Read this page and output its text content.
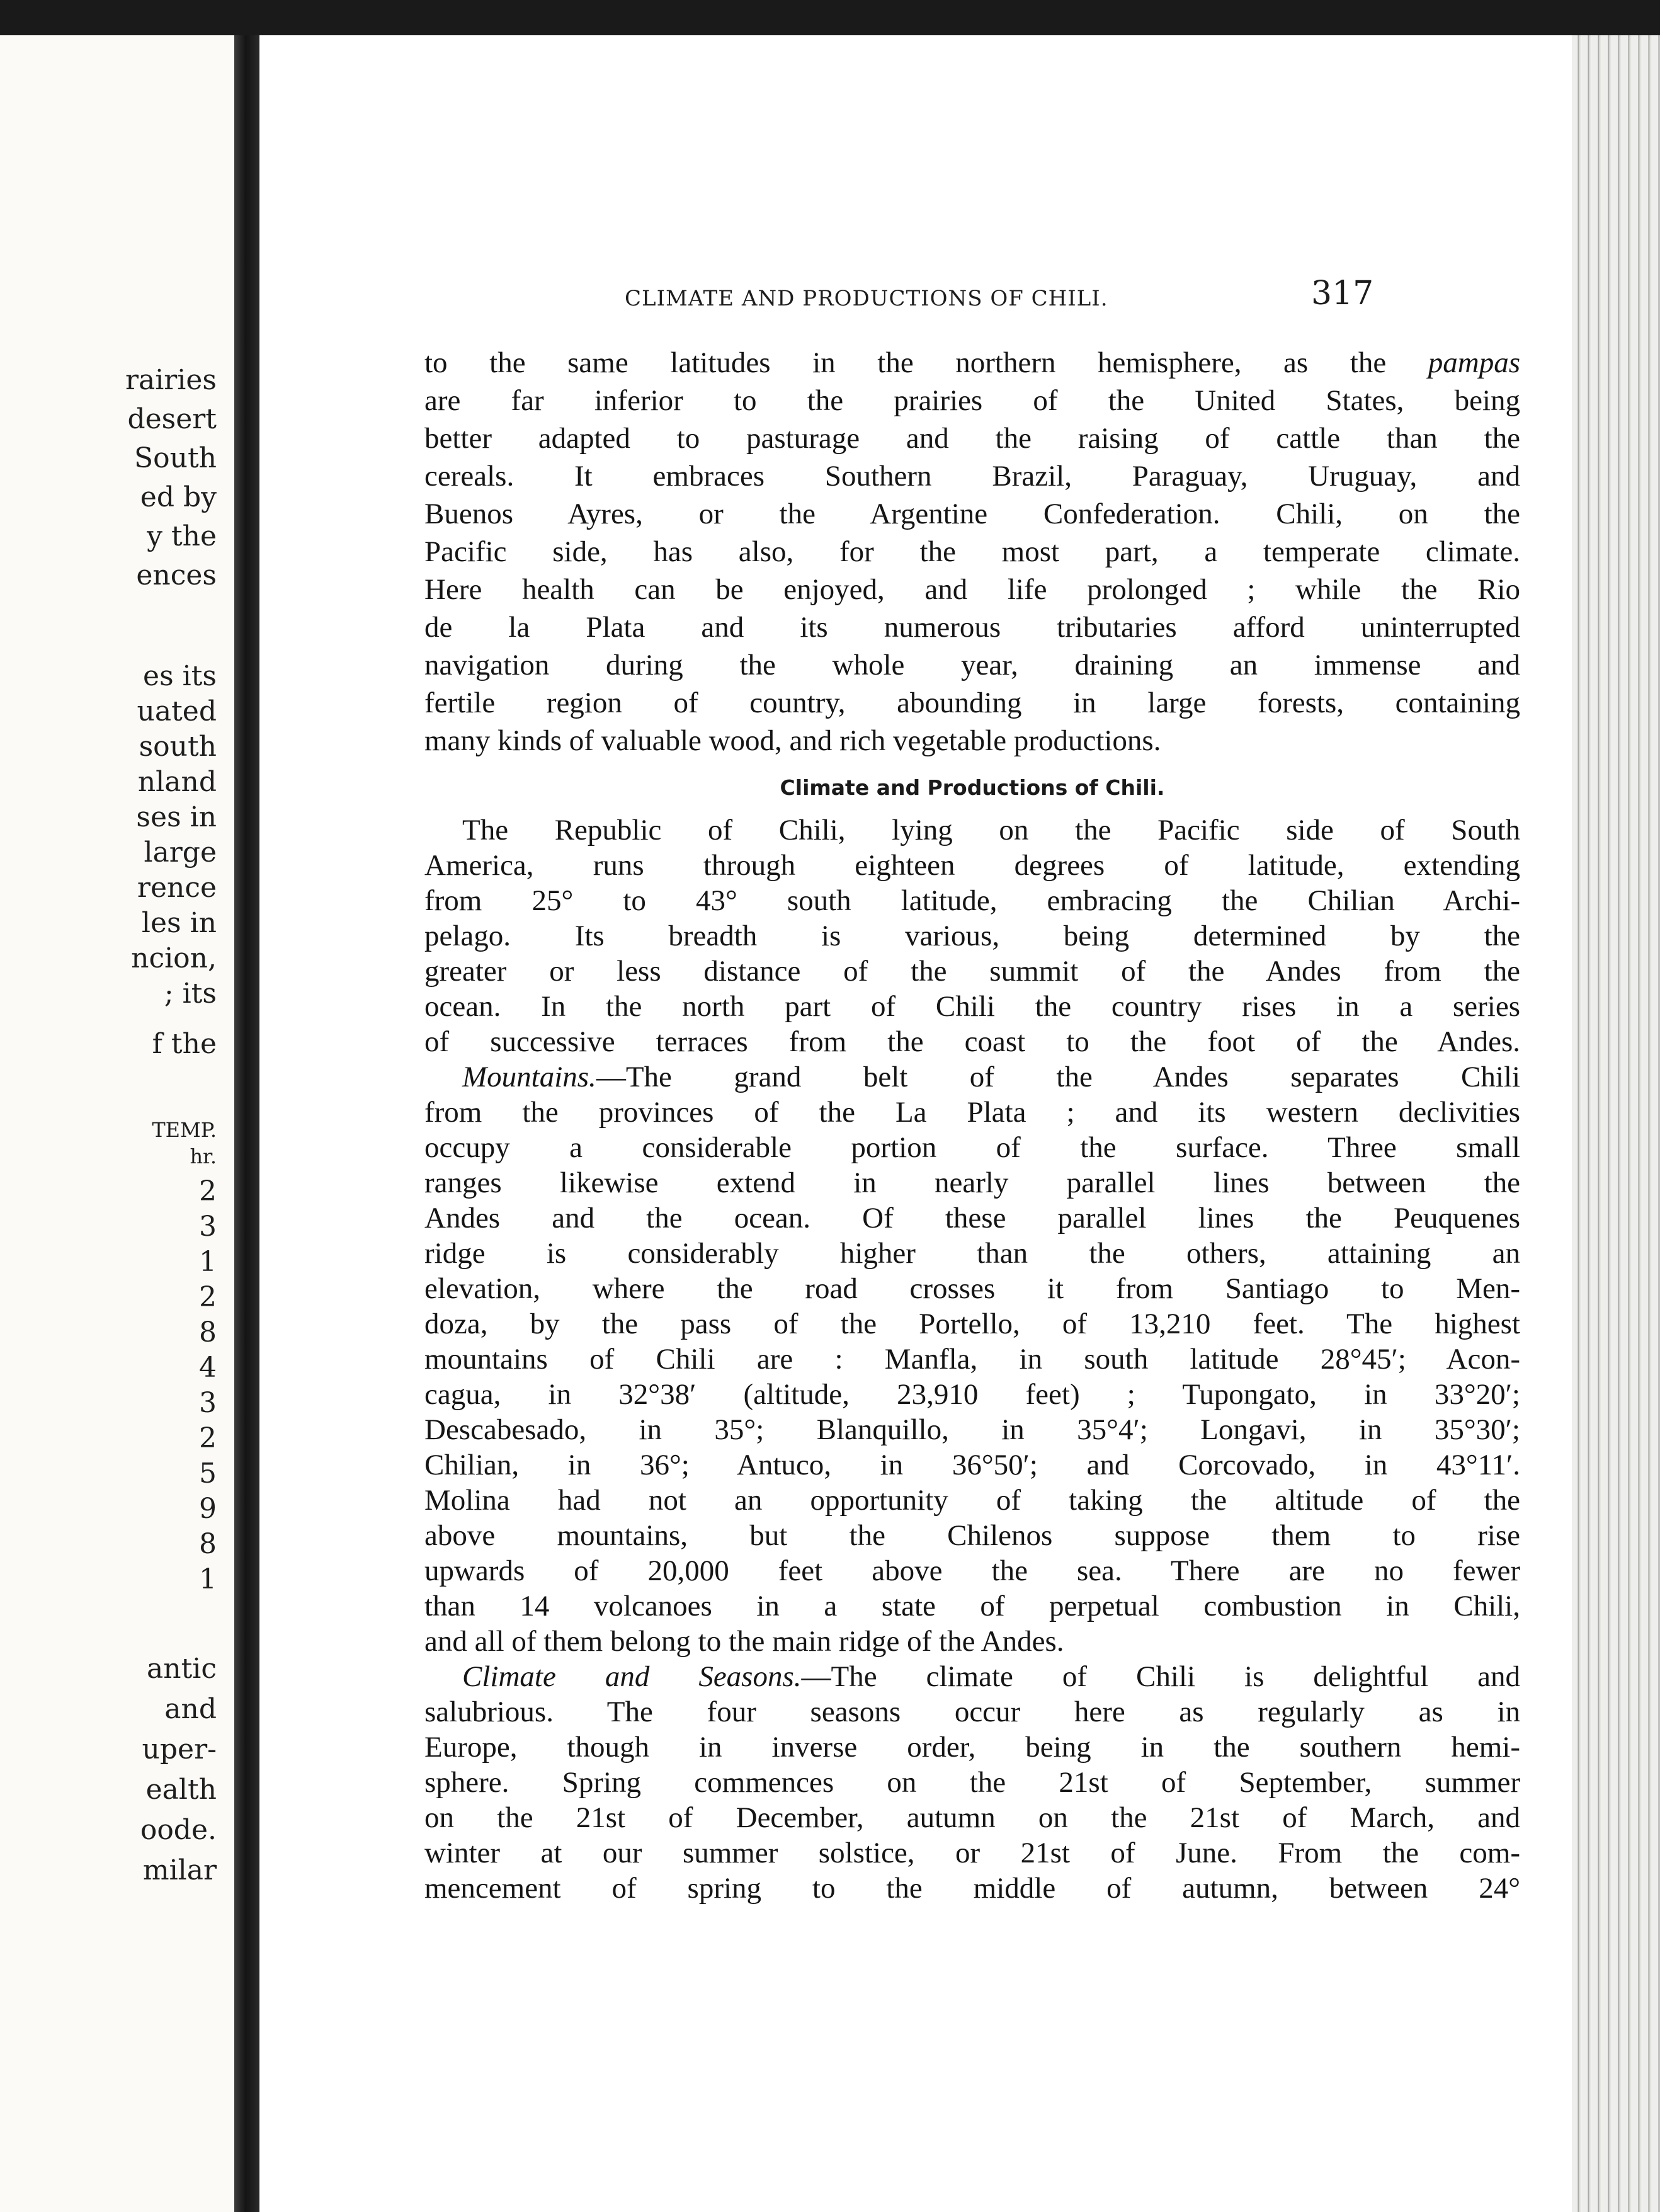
rairies

desert

South

ed by

y the

ences

es its

uated

south

nland

ses in

large

rence

les in

ncion,

; its

f the

TEMP.

hr.

2

3

1

2

8

4

3

2

5

9

8

1

antic

and

uper-

ealth

oode.

milar

CLIMATE AND PRODUCTIONS OF CHILI.	317
to the same latitudes in the northern hemisphere, as the pampas
are far inferior to the prairies of the United States, being
better adapted to pasturage and the raising of cattle than the
cereals. It embraces Southern Brazil, Paraguay, Uruguay, and
Buenos Ayres, or the Argentine Confederation. Chili, on the
Pacific side, has also, for the most part, a temperate climate.
Here health can be enjoyed, and life prolonged ; while the Rio
de la Plata and its numerous tributaries afford uninterrupted
navigation during the whole year, draining an immense and
fertile region of country, abounding in large forests, containing
many kinds of valuable wood, and rich vegetable productions.
Climate and Productions of Chili.
The Republic of Chili, lying on the Pacific side of South
America, runs through eighteen degrees of latitude, extending
from 25° to 43° south latitude, embracing the Chilian Archi-
pelago. Its breadth is various, being determined by the
greater or less distance of the summit of the Andes from the
ocean. In the north part of Chili the country rises in a series
of successive terraces from the coast to the foot of the Andes.
Mountains.—The grand belt of the Andes separates Chili
from the provinces of the La Plata ; and its western declivities
occupy a considerable portion of the surface. Three small
ranges likewise extend in nearly parallel lines between the
Andes and the ocean. Of these parallel lines the Peuquenes
ridge is considerably higher than the others, attaining an
elevation, where the road crosses it from Santiago to Men-
doza, by the pass of the Portello, of 13,210 feet. The highest
mountains of Chili are : Manfla, in south latitude 28°45′; Acon-
cagua, in 32°38′ (altitude, 23,910 feet) ; Tupongato, in 33°20′;
Descabesado, in 35°; Blanquillo, in 35°4′; Longavi, in 35°30′;
Chilian, in 36°; Antuco, in 36°50′; and Corcovado, in 43°11′.
Molina had not an opportunity of taking the altitude of the
above mountains, but the Chilenos suppose them to rise
upwards of 20,000 feet above the sea. There are no fewer
than 14 volcanoes in a state of perpetual combustion in Chili,
and all of them belong to the main ridge of the Andes.
Climate and Seasons.—The climate of Chili is delightful and
salubrious. The four seasons occur here as regularly as in
Europe, though in inverse order, being in the southern hemi-
sphere. Spring commences on the 21st of September, summer
on the 21st of December, autumn on the 21st of March, and
winter at our summer solstice, or 21st of June. From the com-
mencement of spring to the middle of autumn, between 24°
